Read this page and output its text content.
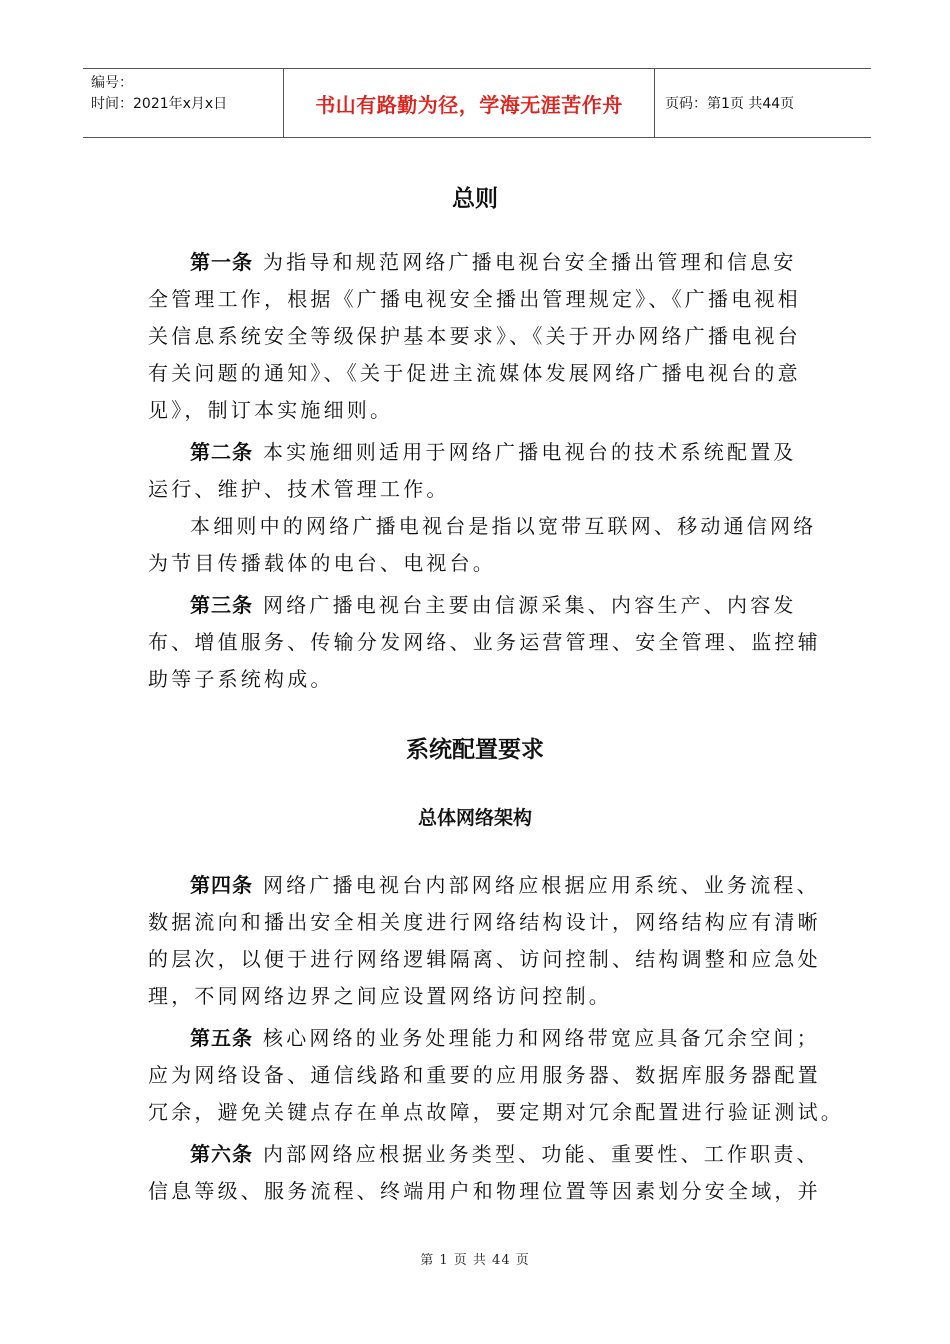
编号：
时间：2021年x月x日	书山有路勤为径，学海无涯苦作舟	页码：第1页 共44页
总则
第一条 为指导和规范网络广播电视台安全播出管理和信息安
全管理工作，根据《广播电视安全播出管理规定》、《广播电视相
关信息系统安全等级保护基本要求》、《关于开办网络广播电视台
有关问题的通知》、《关于促进主流媒体发展网络广播电视台的意
见》，制订本实施细则。
第二条 本实施细则适用于网络广播电视台的技术系统配置及
运行、维护、技术管理工作。
本细则中的网络广播电视台是指以宽带互联网、移动通信网络
为节目传播载体的电台、电视台。
第三条 网络广播电视台主要由信源采集、内容生产、内容发
布、增值服务、传输分发网络、业务运营管理、安全管理、监控辅
助等子系统构成。
系统配置要求
总体网络架构
第四条 网络广播电视台内部网络应根据应用系统、业务流程、
数据流向和播出安全相关度进行网络结构设计，网络结构应有清晰
的层次，以便于进行网络逻辑隔离、访问控制、结构调整和应急处
理，不同网络边界之间应设置网络访问控制。
第五条 核心网络的业务处理能力和网络带宽应具备冗余空间；
应为网络设备、通信线路和重要的应用服务器、数据库服务器配置
冗余，避免关键点存在单点故障，要定期对冗余配置进行验证测试。
第六条 内部网络应根据业务类型、功能、重要性、工作职责、
信息等级、服务流程、终端用户和物理位置等因素划分安全域，并
第 1 页 共 44 页
